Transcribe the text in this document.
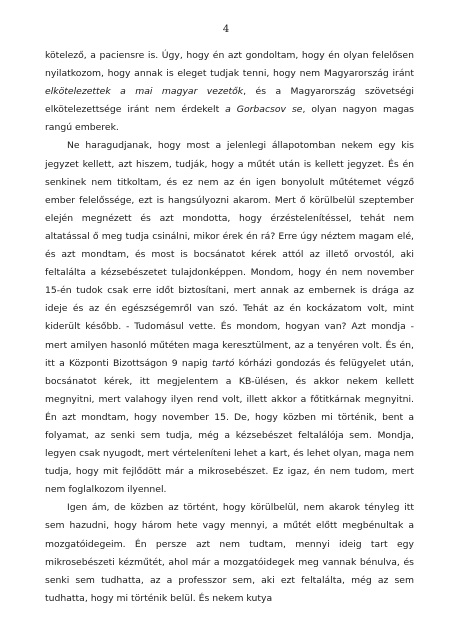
4

kötelező, a paciensre is. Úgy, hogy én azt gondoltam, hogy én olyan felelősen nyilatkozom, hogy annak is eleget tudjak tenni, hogy nem Magyarország iránt elkötelezettek a mai magyar vezetők, és a Magyarország szövetségi elkötelezettsége iránt nem érdekelt a Gorbacsov se, olyan nagyon magas rangú emberek.

Ne haragudjanak, hogy most a jelenlegi állapotomban nekem egy kis jegyzet kellett, azt hiszem, tudják, hogy a műtét után is kellett jegyzet. És én senkinek nem titkoltam, és ez nem az én igen bonyolult műtétemet végző ember felelőssége, ezt is hangsúlyozni akarom. Mert ő körülbelül szeptember elején megnézett és azt mondotta, hogy érzéstelenítéssel, tehát nem altatással ő meg tudja csinálni, mikor érek én rá? Erre úgy néztem magam elé, és azt mondtam, és most is bocsánatot kérek attól az illető orvostól, aki feltalálta a kézsebészetet tulajdonképpen. Mondom, hogy én nem november 15-én tudok csak erre időt biztosítani, mert annak az embernek is drága az ideje és az én egészségemről van szó. Tehát az én kockázatom volt, mint kiderült később. - Tudomásul vette. És mondom, hogyan van? Azt mondja - mert amilyen hasonló műtéten maga keresztülment, az a tenyéren volt. És én, itt a Központi Bizottságon 9 napig tartó kórházi gondozás és felügyelet után, bocsánatot kérek, itt megjelentem a KB-ülésen, és akkor nekem kellett megnyitni, mert valahogy ilyen rend volt, illett akkor a főtitkárnak megnyitni. Én azt mondtam, hogy november 15. De, hogy közben mi történik, bent a folyamat, az senki sem tudja, még a kézsebészet feltalálója sem. Mondja, legyen csak nyugodt, mert vérteleníteni lehet a kart, és lehet olyan, maga nem tudja, hogy mit fejlődött már a mikrosebészet. Ez igaz, én nem tudom, mert nem foglalkozom ilyennel.

Igen ám, de közben az történt, hogy körülbelül, nem akarok tényleg itt sem hazudni, hogy három hete vagy mennyi, a műtét előtt megbénultak a mozgatóidegeim. Én persze azt nem tudtam, mennyi ideig tart egy mikrosebészeti kézműtét, ahol már a mozgatóidegek meg vannak bénulva, és senki sem tudhatta, az a professzor sem, aki ezt feltalálta, még az sem tudhatta, hogy mi történik belül. És nekem kutya
